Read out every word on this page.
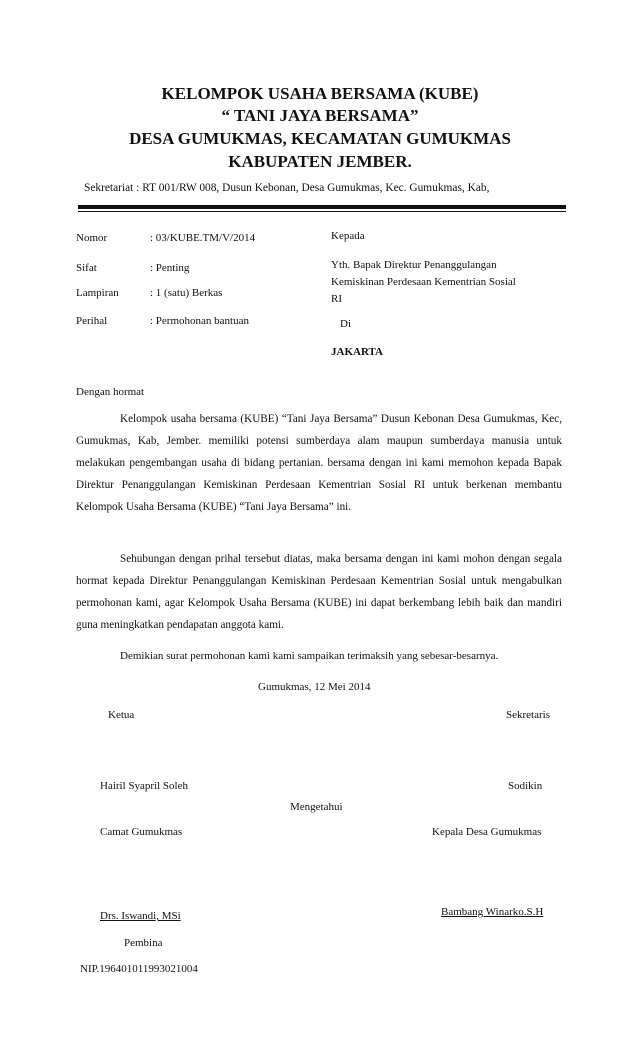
KELOMPOK USAHA BERSAMA (KUBE)
“ TANI JAYA BERSAMA”
DESA GUMUKMAS, KECAMATAN GUMUKMAS
KABUPATEN JEMBER.
Sekretariat : RT 001/RW 008, Dusun Kebonan, Desa Gumukmas, Kec. Gumukmas, Kab,
Nomor	: 03/KUBE.TM/V/2014
Sifat	: Penting
Lampiran	: 1 (satu) Berkas
Perihal	: Permohonan bantuan
Kepada
Yth. Bapak Direktur Penanggulangan
Kemiskinan Perdesaan Kementrian Sosial
RI
Di
JAKARTA
Dengan hormat

Kelompok usaha bersama (KUBE) “Tani Jaya Bersama” Dusun Kebonan Desa Gumukmas, Kec, Gumukmas, Kab, Jember. memiliki potensi sumberdaya alam maupun sumberdaya manusia untuk melakukan pengembangan usaha di bidang pertanian. bersama dengan ini kami memohon kepada Bapak Direktur Penanggulangan Kemiskinan Perdesaan Kementrian Sosial RI untuk berkenan membantu Kelompok Usaha Bersama (KUBE) “Tani Jaya Bersama” ini.

Sehubungan dengan prihal tersebut diatas, maka bersama dengan ini kami mohon dengan segala hormat kepada Direktur Penanggulangan Kemiskinan Perdesaan Kementrian Sosial untuk mengabulkan permohonan kami, agar Kelompok Usaha Bersama (KUBE) ini dapat berkembang lebih baik dan mandiri guna meningkatkan pendapatan anggota kami.

Demikian surat permohonan kami kami sampaikan terimaksih yang sebesar-besarnya.
Gumukmas, 12 Mei 2014
Ketua	Sekretaris
Hairil Syapril Soleh	Sodikin
Mengetahui
Camat Gumukmas	Kepala Desa Gumukmas
Drs. Iswandi, MSi	Bambang Winarko.S.H
Pembina
NIP.196401011993021004
